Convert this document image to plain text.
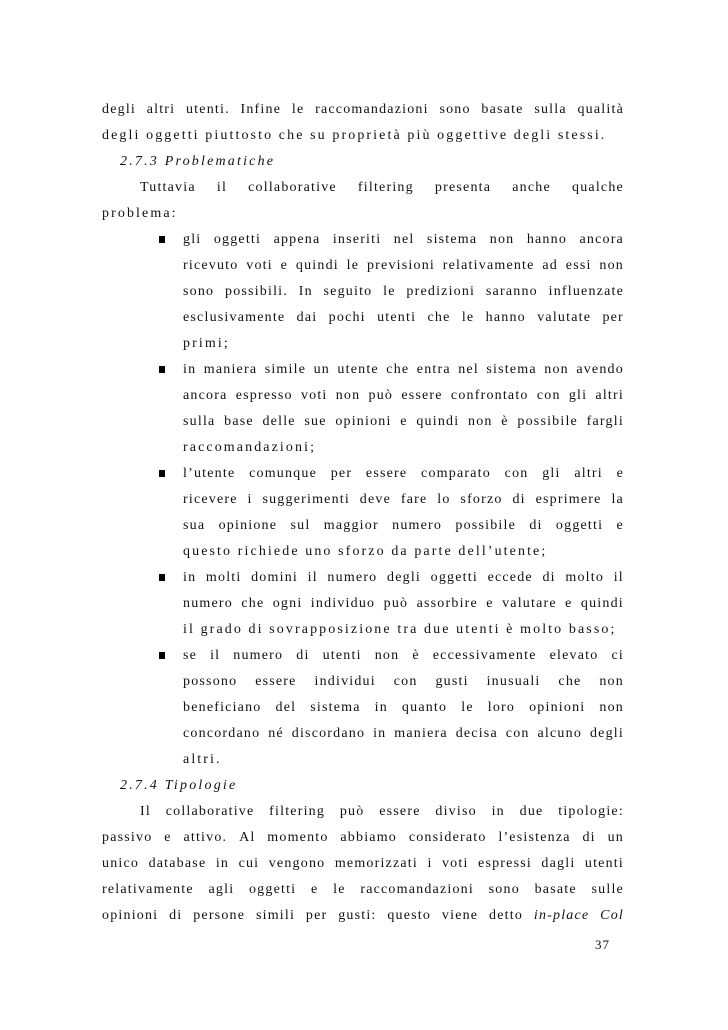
degli altri utenti. Infine le raccomandazioni sono basate sulla qualità
degli oggetti piuttosto che su proprietà più oggettive degli stessi.
2.7.3 Problematiche
Tuttavia il collaborative filtering presenta anche qualche
problema:
gli oggetti appena inseriti nel sistema non hanno ancora
ricevuto voti e quindi le previsioni relativamente ad essi non
sono possibili. In seguito le predizioni saranno influenzate
esclusivamente dai pochi utenti che le hanno valutate per
primi;
in maniera simile un utente che entra nel sistema non avendo
ancora espresso voti non può essere confrontato con gli altri
sulla base delle sue opinioni e quindi non è possibile fargli
raccomandazioni;
l’utente comunque per essere comparato con gli altri e
ricevere i suggerimenti deve fare lo sforzo di esprimere la
sua opinione sul maggior numero possibile di oggetti e
questo richiede uno sforzo da parte dell’utente;
in molti domini il numero degli oggetti eccede di molto il
numero che ogni individuo può assorbire e valutare e quindi
il grado di sovrapposizione tra due utenti è molto basso;
se il numero di utenti non è eccessivamente elevato ci
possono essere individui con gusti inusuali che non
beneficiano del sistema in quanto le loro opinioni non
concordano né discordano in maniera decisa con alcuno degli
altri.
2.7.4 Tipologie
Il collaborative filtering può essere diviso in due tipologie:
passivo e attivo. Al momento abbiamo considerato l’esistenza di un
unico database in cui vengono memorizzati i voti espressi dagli utenti
relativamente agli oggetti e le raccomandazioni sono basate sulle
opinioni di persone simili per gusti: questo viene detto in-place Col
37
